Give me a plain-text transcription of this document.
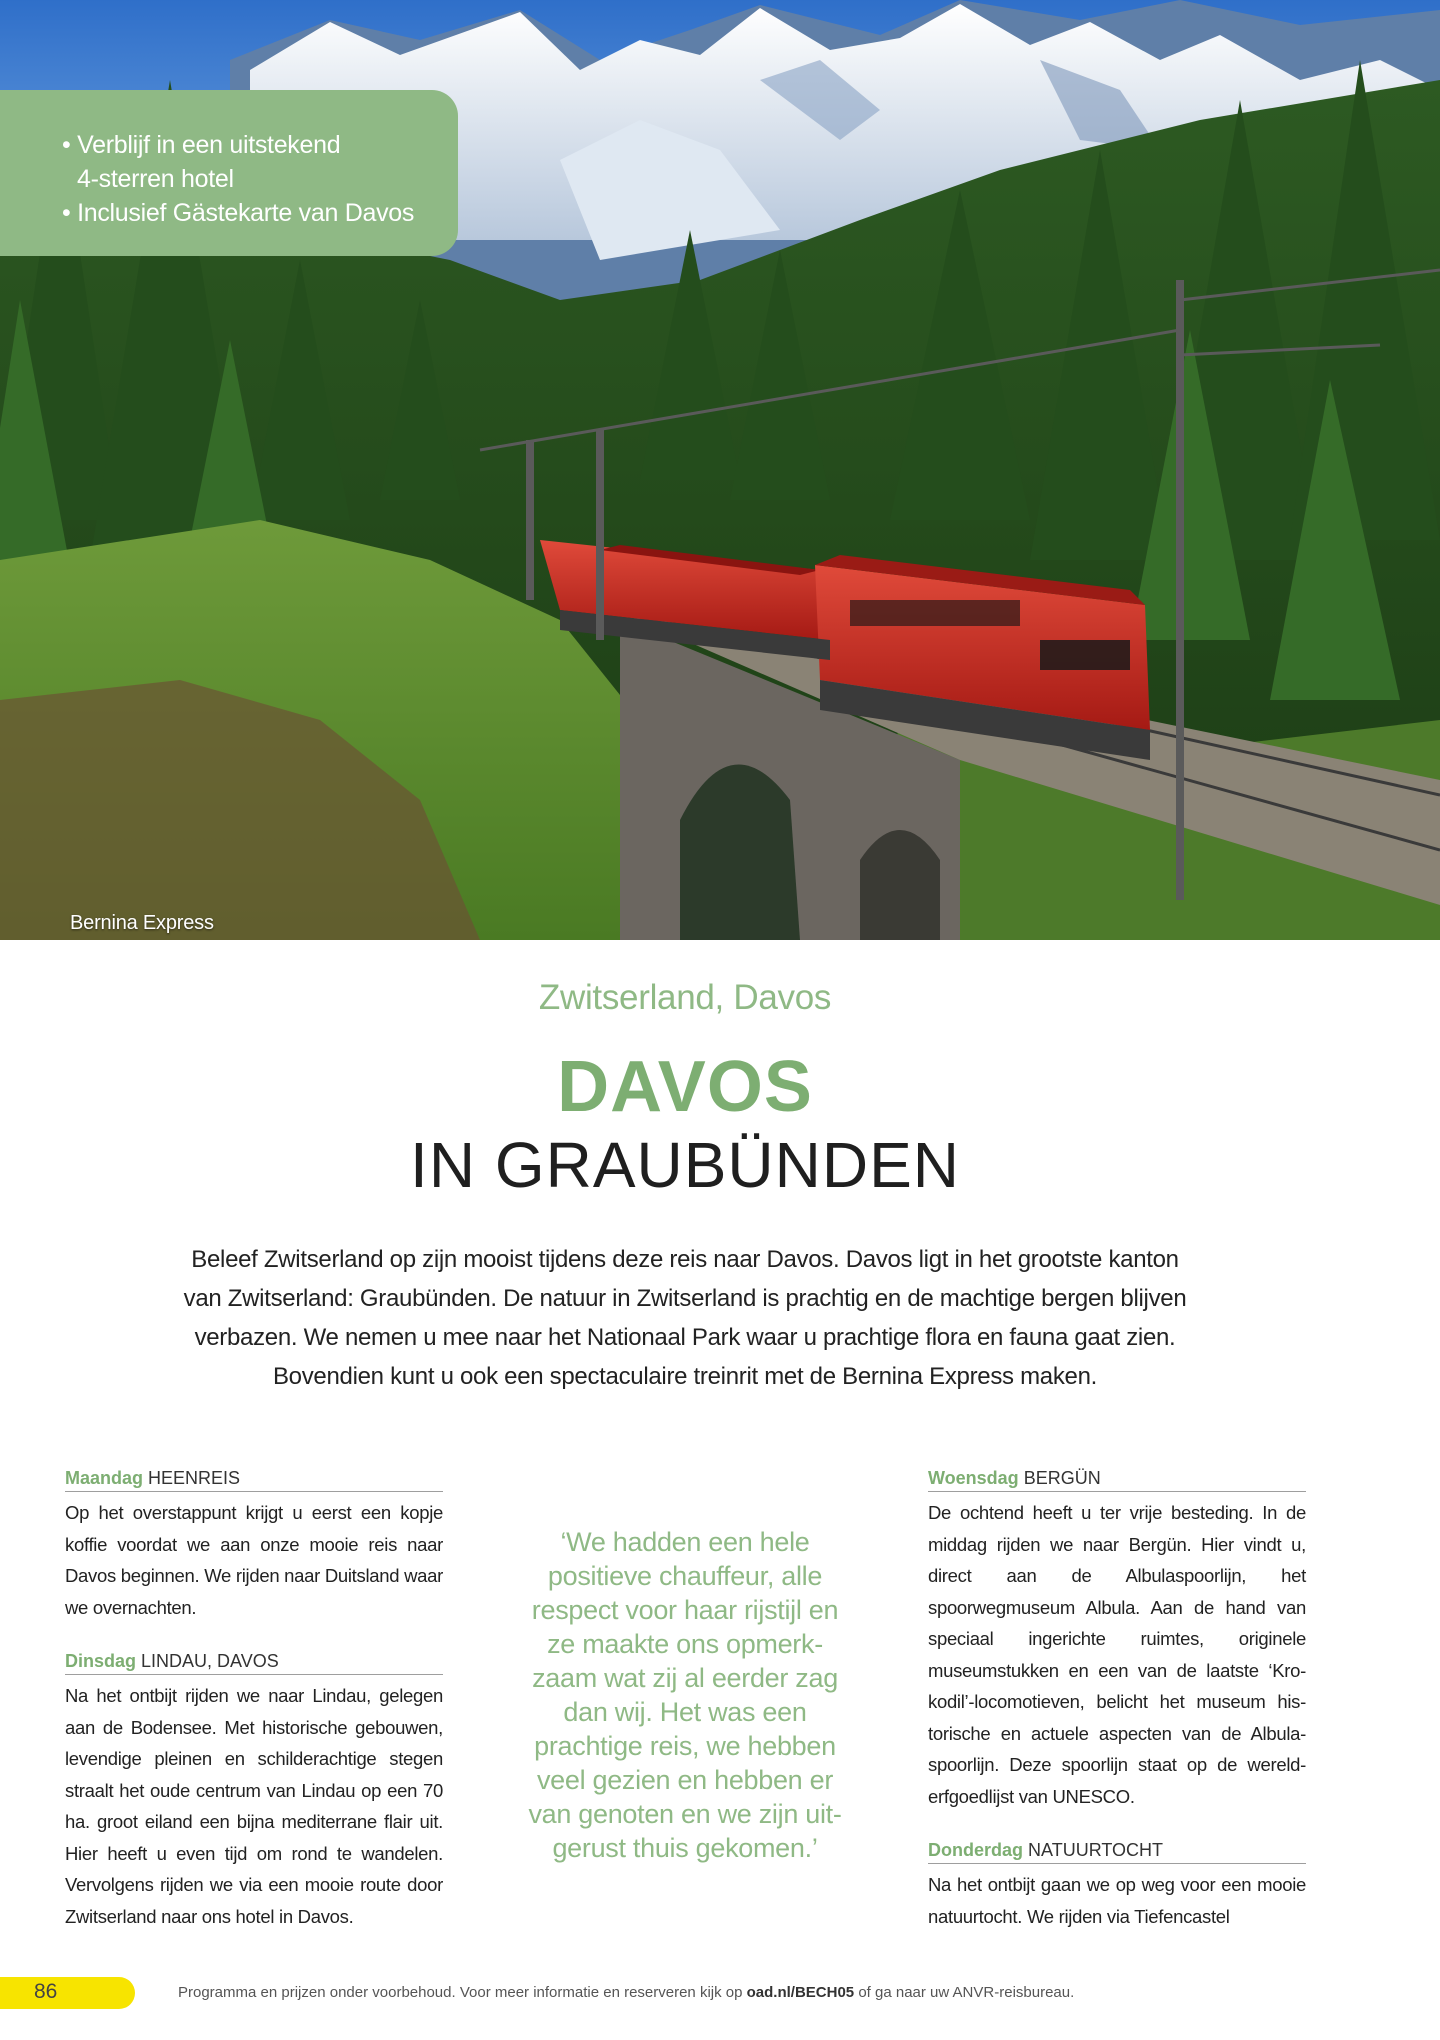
• Verblijf in een uitstekend
4-sterren hotel
• Inclusief Gästekarte van Davos
Bernina Express
Zwitserland, Davos
DAVOS
IN GRAUBÜNDEN
Beleef Zwitserland op zijn mooist tijdens deze reis naar Davos. Davos ligt in het grootste kanton
van Zwitserland: Graubünden. De natuur in Zwitserland is prachtig en de machtige bergen blijven
verbazen. We nemen u mee naar het Nationaal Park waar u prachtige flora en fauna gaat zien.
Bovendien kunt u ook een spectaculaire treinrit met de Bernina Express maken.
Maandag HEENREIS
Op het overstappunt krijgt u eerst een kopje koffie voordat we aan onze mooie reis naar Davos beginnen. We rijden naar Duitsland waar we overnachten.
Dinsdag LINDAU, DAVOS
Na het ontbijt rijden we naar Lindau, gelegen aan de Bodensee. Met historische gebouwen, levendige pleinen en schilderachtige stegen straalt het oude centrum van Lindau op een 70 ha. groot eiland een bijna mediterrane flair uit. Hier heeft u even tijd om rond te wandelen. Vervolgens rijden we via een mooie route door Zwitserland naar ons hotel in Davos.
‘We hadden een hele
positieve chauffeur, alle
respect voor haar rijstijl en
ze maakte ons opmerk-
zaam wat zij al eerder zag
dan wij. Het was een
prachtige reis, we hebben
veel gezien en hebben er
van genoten en we zijn uit-
gerust thuis gekomen.’
Woensdag BERGÜN
De ochtend heeft u ter vrije besteding. In de middag rijden we naar Bergün. Hier vindt u, direct aan de Albulaspoorlijn, het spoorwegmuseum Albula. Aan de hand van speciaal ingerichte ruimtes, originele museumstukken en een van de laatste ‘Kro-kodil’-locomotieven, belicht het museum his-torische en actuele aspecten van de Albula-spoorlijn. Deze spoorlijn staat op de wereld-erfgoedlijst van UNESCO.
Donderdag NATUURTOCHT
Na het ontbijt gaan we op weg voor een mooie natuurtocht. We rijden via Tiefencastel
86	Programma en prijzen onder voorbehoud. Voor meer informatie en reserveren kijk op oad.nl/BECH05 of ga naar uw ANVR-reisbureau.
